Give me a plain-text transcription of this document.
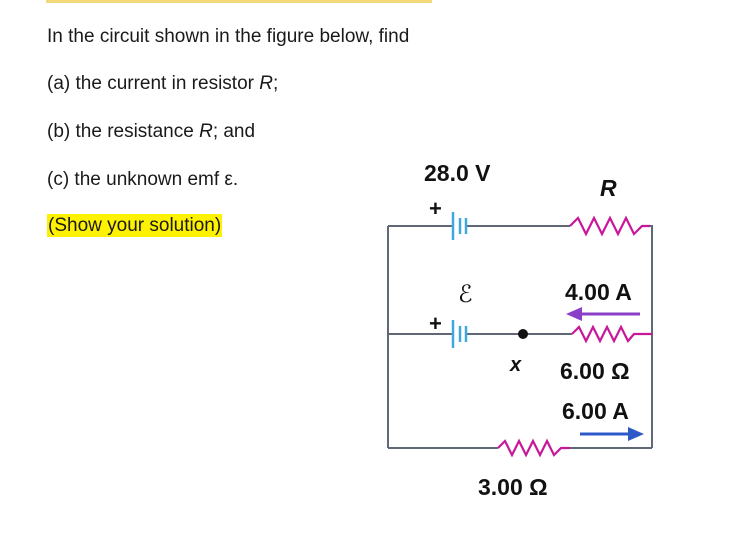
In the circuit shown in the figure below, find
(a) the current in resistor R;
(b) the resistance R; and
(c) the unknown emf ε.
(Show your solution)
+
28.0 V
R
+
ℰ
x
4.00 A
6.00 Ω
6.00 A
3.00 Ω
